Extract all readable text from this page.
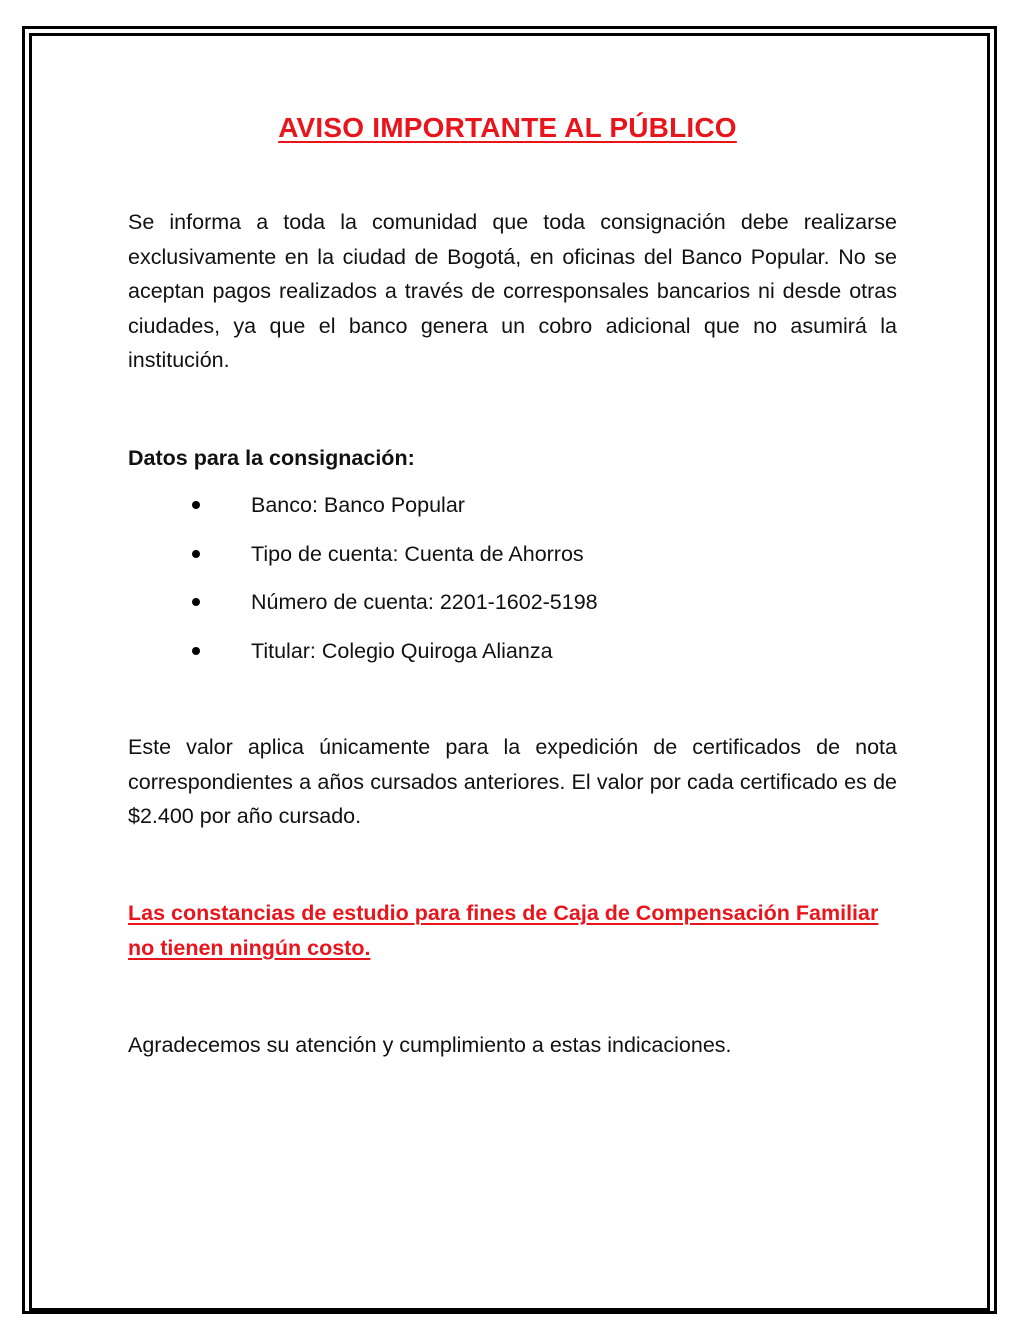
AVISO IMPORTANTE AL PÚBLICO
Se informa a toda la comunidad que toda consignación debe realizarse exclusivamente en la ciudad de Bogotá, en oficinas del Banco Popular. No se aceptan pagos realizados a través de corresponsales bancarios ni desde otras ciudades, ya que el banco genera un cobro adicional que no asumirá la institución.
Datos para la consignación:
Banco: Banco Popular
Tipo de cuenta: Cuenta de Ahorros
Número de cuenta: 2201-1602-5198
Titular: Colegio Quiroga Alianza
Este valor aplica únicamente para la expedición de certificados de nota correspondientes a años cursados anteriores. El valor por cada certificado es de $2.400 por año cursado.
Las constancias de estudio para fines de Caja de Compensación Familiar no tienen ningún costo.
Agradecemos su atención y cumplimiento a estas indicaciones.
